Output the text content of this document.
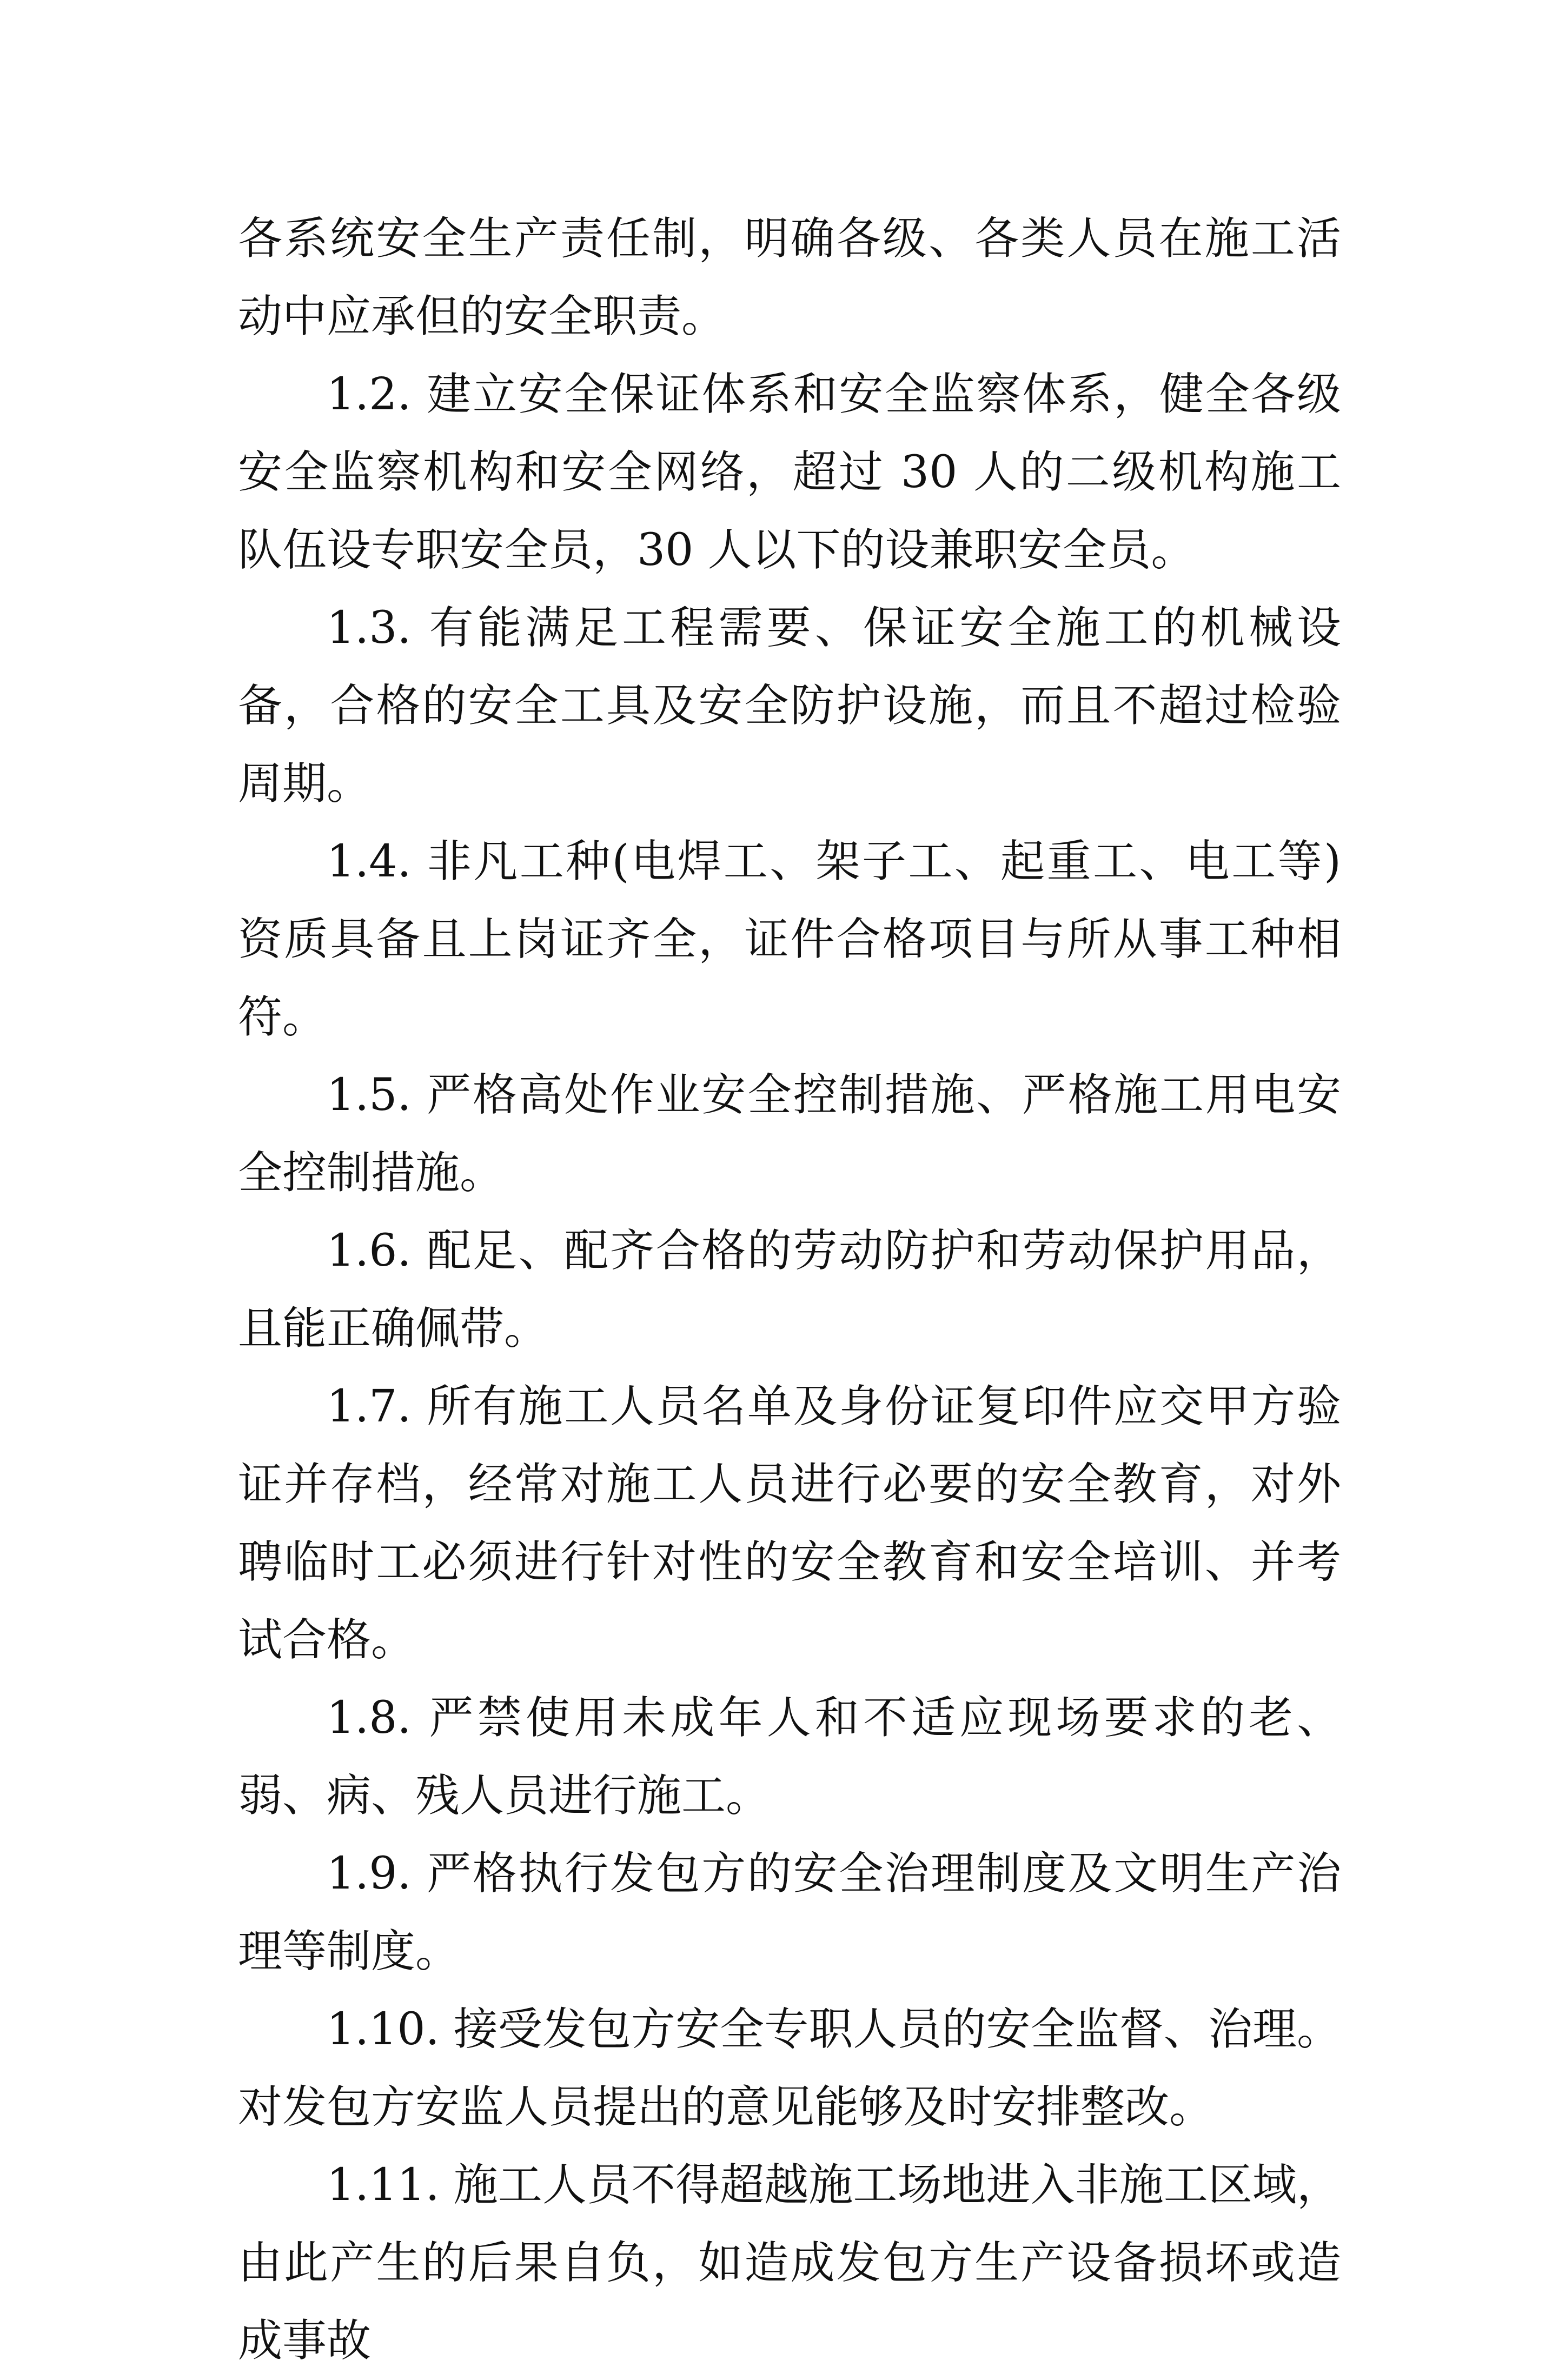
各系统安全生产责任制，明确各级、各类人员在施工活动中应承但的安全职责。

1.2. 建立安全保证体系和安全监察体系，健全各级安全监察机构和安全网络，超过 30 人的二级机构施工队伍设专职安全员，30 人以下的设兼职安全员。

1.3. 有能满足工程需要、保证安全施工的机械设备，合格的安全工具及安全防护设施，而且不超过检验周期。

1.4. 非凡工种(电焊工、架子工、起重工、电工等)资质具备且上岗证齐全，证件合格项目与所从事工种相符。

1.5. 严格高处作业安全控制措施、严格施工用电安全控制措施。

1.6. 配足、配齐合格的劳动防护和劳动保护用品，且能正确佩带。

1.7. 所有施工人员名单及身份证复印件应交甲方验证并存档，经常对施工人员进行必要的安全教育，对外聘临时工必须进行针对性的安全教育和安全培训、并考试合格。

1.8. 严禁使用未成年人和不适应现场要求的老、弱、病、残人员进行施工。

1.9. 严格执行发包方的安全治理制度及文明生产治理等制度。

1.10. 接受发包方安全专职人员的安全监督、治理。对发包方安监人员提出的意见能够及时安排整改。

1.11. 施工人员不得超越施工场地进入非施工区域，由此产生的后果自负，如造成发包方生产设备损坏或造成事故
